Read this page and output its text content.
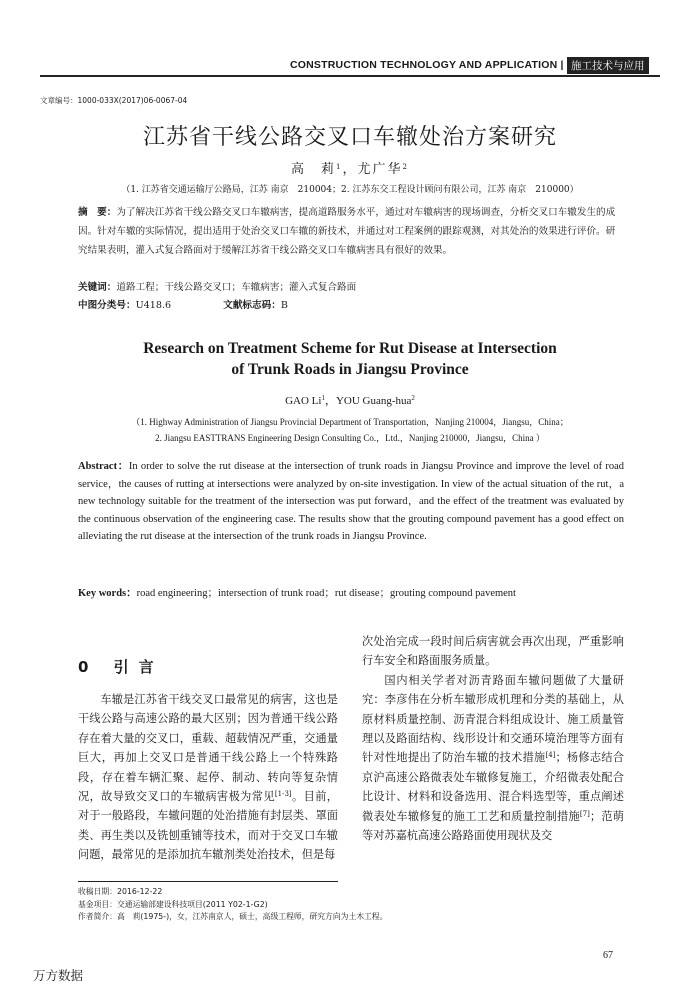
CONSTRUCTION TECHNOLOGY AND APPLICATION | 施工技术与应用
文章编号：1000-033X(2017)06-0067-04
江苏省干线公路交叉口车辙处治方案研究
高　莉$^1$，尤广华$^2$
（1. 江苏省交通运输厅公路局，江苏 南京　210004；2. 江苏东交工程设计顾问有限公司，江苏 南京　210000）
摘　要：为了解决江苏省干线公路交叉口车辙病害，提高道路服务水平，通过对车辙病害的现场调查，分析交叉口车辙发生的成因。针对车辙的实际情况，提出适用于处治交叉口车辙的新技术，并通过对工程案例的跟踪观测，对其处治的效果进行评价。研究结果表明，灌入式复合路面对于缓解江苏省干线公路交叉口车辙病害具有很好的效果。
关键词：道路工程；干线公路交叉口；车辙病害；灌入式复合路面
中图分类号：U418.6	文献标志码：B
Research on Treatment Scheme for Rut Disease at Intersection
of Trunk Roads in Jiangsu Province
GAO Li$^1$，YOU Guang-hua$^2$
（1. Highway Administration of Jiangsu Provincial Department of Transportation，Nanjing 210004，Jiangsu，China；
2. Jiangsu EASTTRANS Engineering Design Consulting Co.，Ltd.，Nanjing 210000，Jiangsu，China ）
Abstract：In order to solve the rut disease at the intersection of trunk roads in Jiangsu Province and improve the level of road service，the causes of rutting at intersections were analyzed by on-site investigation. In view of the actual situation of the rut，a new technology suitable for the treatment of the intersection was put forward，and the effect of the treatment was evaluated by the continuous observation of the engineering case. The results show that the grouting compound pavement has a good effect on alleviating the rut disease at the intersection of the trunk roads in Jiangsu Province.
Key words：road engineering；intersection of trunk road；rut disease；grouting compound pavement
0 引言

车辙是江苏省干线交叉口最常见的病害，这也是干线公路与高速公路的最大区别；因为普通干线公路存在着大量的交叉口，重载、超载情况严重，交通量巨大，再加上交叉口是普通干线公路上一个特殊路段，存在着车辆汇聚、起停、制动、转向等复杂情况，故导致交叉口的车辙病害极为常见[1-3]。目前，对于一般路段，车辙问题的处治措施有封层类、罩面类、再生类以及铣刨重铺等技术，而对于交叉口车辙问题，最常见的是添加抗车辙剂类处治技术，但是每

次处治完成一段时间后病害就会再次出现，严重影响行车安全和路面服务质量。

国内相关学者对沥青路面车辙问题做了大量研究：李彦伟在分析车辙形成机理和分类的基础上，从原材料质量控制、沥青混合料组成设计、施工质量管理以及路面结构、线形设计和交通环境治理等方面有针对性地提出了防治车辙的技术措施[4]；杨修志结合京沪高速公路微表处车辙修复施工，介绍微表处配合比设计、材料和设备选用、混合料选型等，重点阐述微表处车辙修复的施工工艺和质量控制措施[7]；范萌等对苏嘉杭高速公路路面使用现状及交

收稿日期：2016-12-22
基金项目：交通运输部建设科技项目(2011 Y02-1-G2)
作者简介：高　莉(1975-)，女，江苏南京人，硕士，高级工程师，研究方向为土木工程。
67
万方数据
